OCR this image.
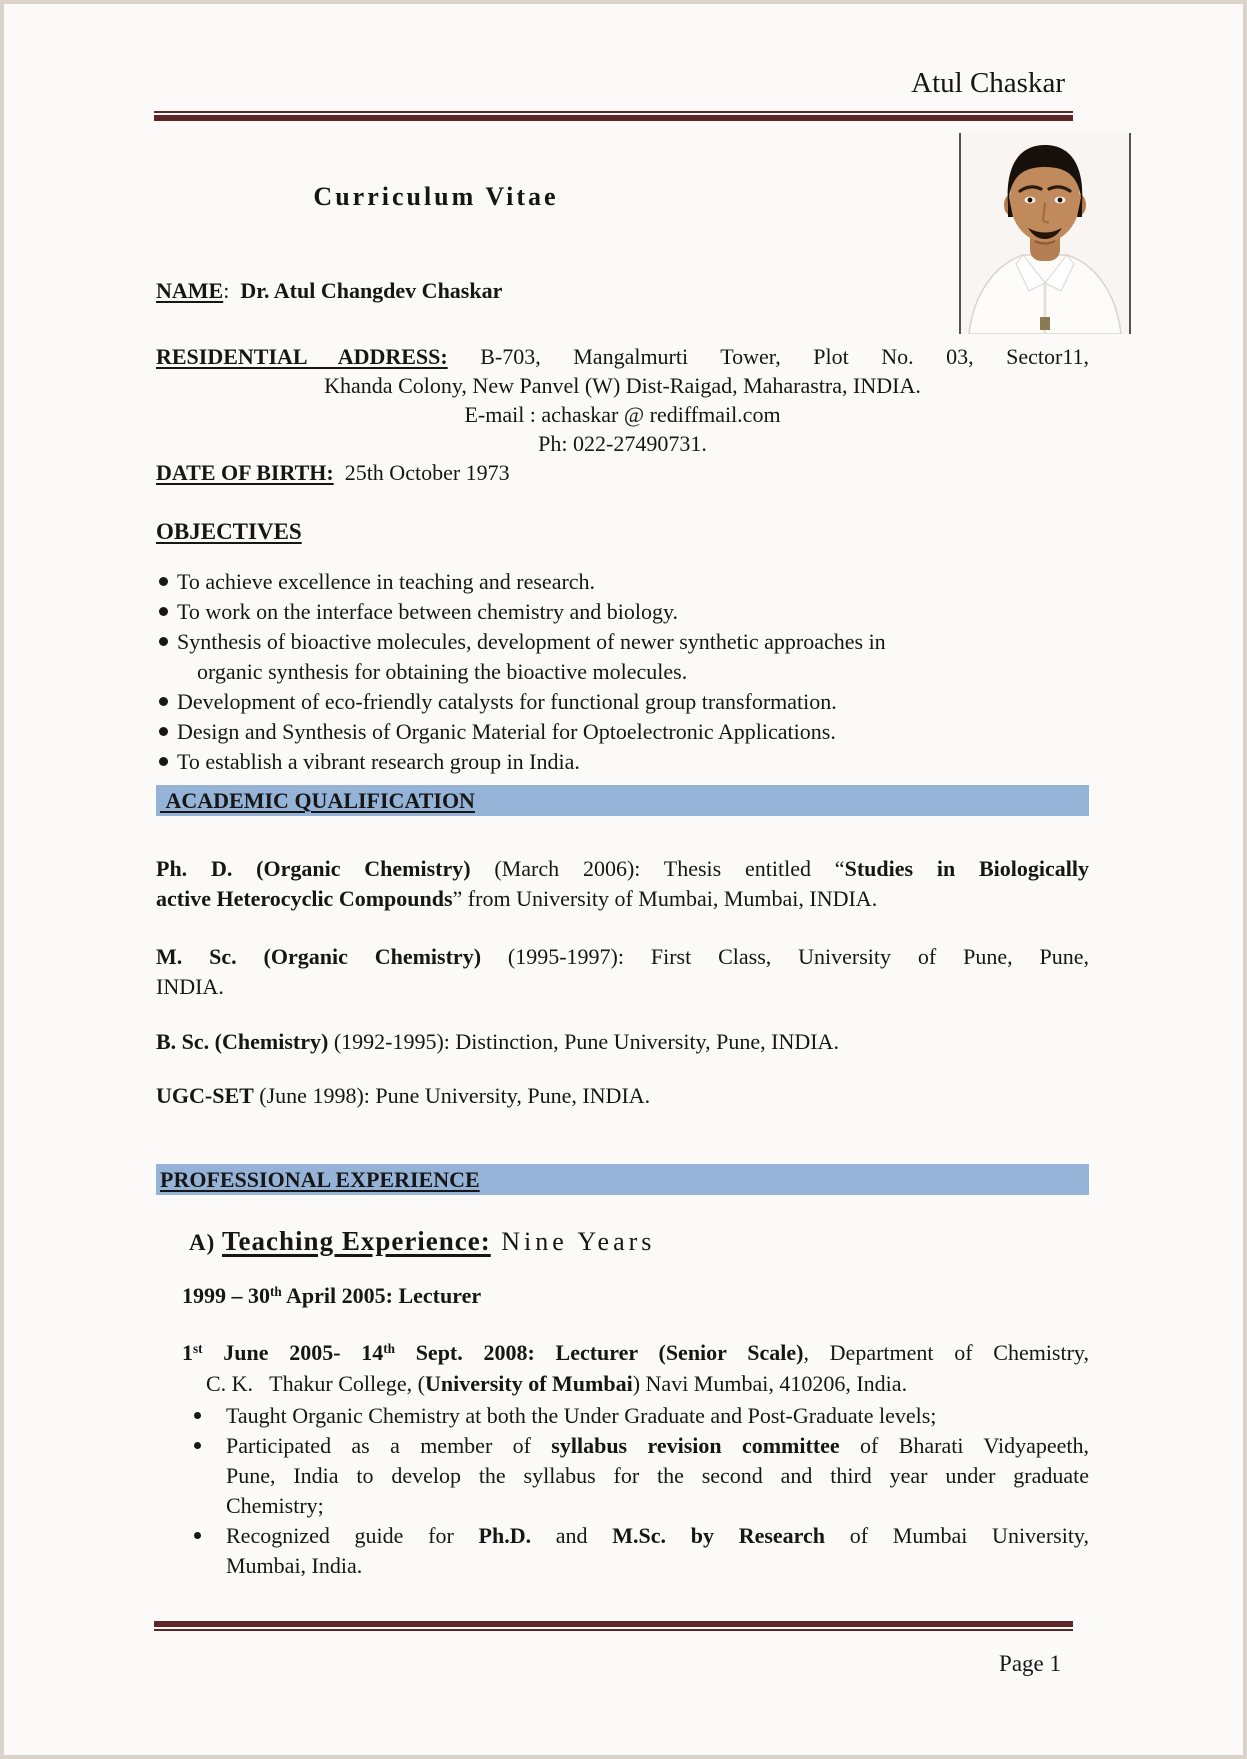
Atul Chaskar
Curriculum Vitae
NAME:  Dr. Atul Changdev Chaskar
RESIDENTIAL ADDRESS: B-703, Mangalmurti Tower, Plot No. 03, Sector11,
Khanda Colony, New Panvel (W) Dist-Raigad, Maharastra, INDIA.
E-mail : achaskar @ rediffmail.com
Ph: 022-27490731.
DATE OF BIRTH:  25th October 1973
OBJECTIVES
To achieve excellence in teaching and research.
To work on the interface between chemistry and biology.
Synthesis of bioactive molecules, development of newer synthetic approaches in
organic synthesis for obtaining the bioactive molecules.
Development of eco-friendly catalysts for functional group transformation.
Design and Synthesis of Organic Material for Optoelectronic Applications.
To establish a vibrant research group in India.
ACADEMIC QUALIFICATION
Ph. D. (Organic Chemistry) (March 2006): Thesis entitled “Studies in Biologically
active Heterocyclic Compounds” from University of Mumbai, Mumbai, INDIA.
M. Sc. (Organic Chemistry) (1995-1997): First Class, University of Pune, Pune,
INDIA.
B. Sc. (Chemistry) (1992-1995): Distinction, Pune University, Pune, INDIA.
UGC-SET (June 1998): Pune University, Pune, INDIA.
PROFESSIONAL EXPERIENCE
A) Teaching Experience: Nine Years
1999 – 30th April 2005: Lecturer
1st June 2005- 14th Sept. 2008: Lecturer (Senior Scale), Department of Chemistry,
C. K.   Thakur College, (University of Mumbai) Navi Mumbai, 410206, India.
Taught Organic Chemistry at both the Under Graduate and Post-Graduate levels;
Participated as a member of syllabus revision committee of Bharati Vidyapeeth,
Pune, India to develop the syllabus for the second and third year under graduate
Chemistry;
Recognized guide for Ph.D. and M.Sc. by Research of Mumbai University,
Mumbai, India.
Page 1
